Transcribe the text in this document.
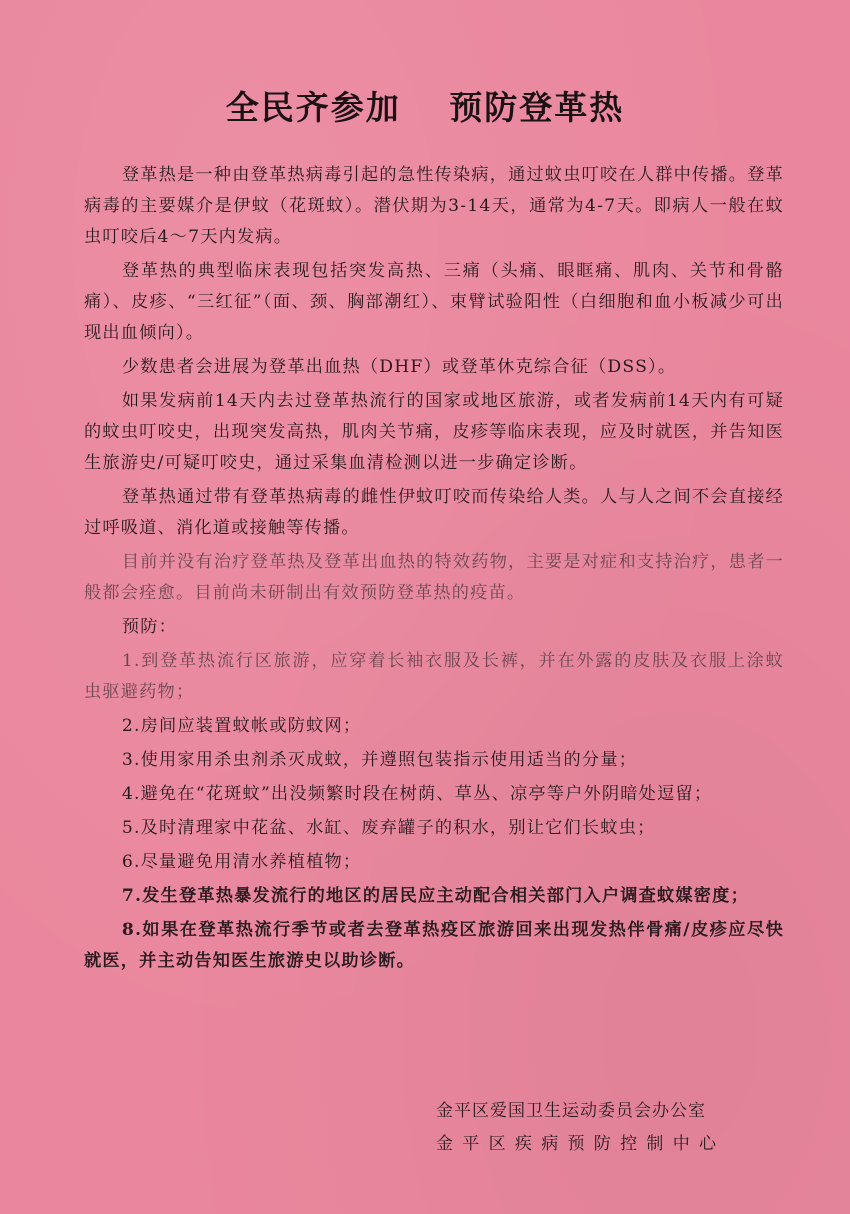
全民齐参加　 预防登革热

登革热是一种由登革热病毒引起的急性传染病，通过蚊虫叮咬在人群中传播。登革病毒的主要媒介是伊蚊（花斑蚊）。潜伏期为3-14天，通常为4-7天。即病人一般在蚊虫叮咬后4～7天内发病。

登革热的典型临床表现包括突发高热、三痛（头痛、眼眶痛、肌肉、关节和骨骼痛）、皮疹、“三红征”（面、颈、胸部潮红）、束臂试验阳性（白细胞和血小板减少可出现出血倾向）。

少数患者会进展为登革出血热（DHF）或登革休克综合征（DSS）。

如果发病前14天内去过登革热流行的国家或地区旅游，或者发病前14天内有可疑的蚊虫叮咬史，出现突发高热，肌肉关节痛，皮疹等临床表现，应及时就医，并告知医生旅游史/可疑叮咬史，通过采集血清检测以进一步确定诊断。

登革热通过带有登革热病毒的雌性伊蚊叮咬而传染给人类。人与人之间不会直接经过呼吸道、消化道或接触等传播。

目前并没有治疗登革热及登革出血热的特效药物，主要是对症和支持治疗，患者一般都会痊愈。目前尚未研制出有效预防登革热的疫苗。

预防：

1.到登革热流行区旅游，应穿着长袖衣服及长裤，并在外露的皮肤及衣服上涂蚊虫驱避药物；

2.房间应装置蚊帐或防蚊网；

3.使用家用杀虫剂杀灭成蚊，并遵照包装指示使用适当的分量；

4.避免在“花斑蚊”出没频繁时段在树荫、草丛、凉亭等户外阴暗处逗留；

5.及时清理家中花盆、水缸、废弃罐子的积水，别让它们长蚊虫；

6.尽量避免用清水养植植物；

7.发生登革热暴发流行的地区的居民应主动配合相关部门入户调查蚊媒密度；

8.如果在登革热流行季节或者去登革热疫区旅游回来出现发热伴骨痛/皮疹应尽快就医，并主动告知医生旅游史以助诊断。

金平区爱国卫生运动委员会办公室
金平区疾病预防控制中心
